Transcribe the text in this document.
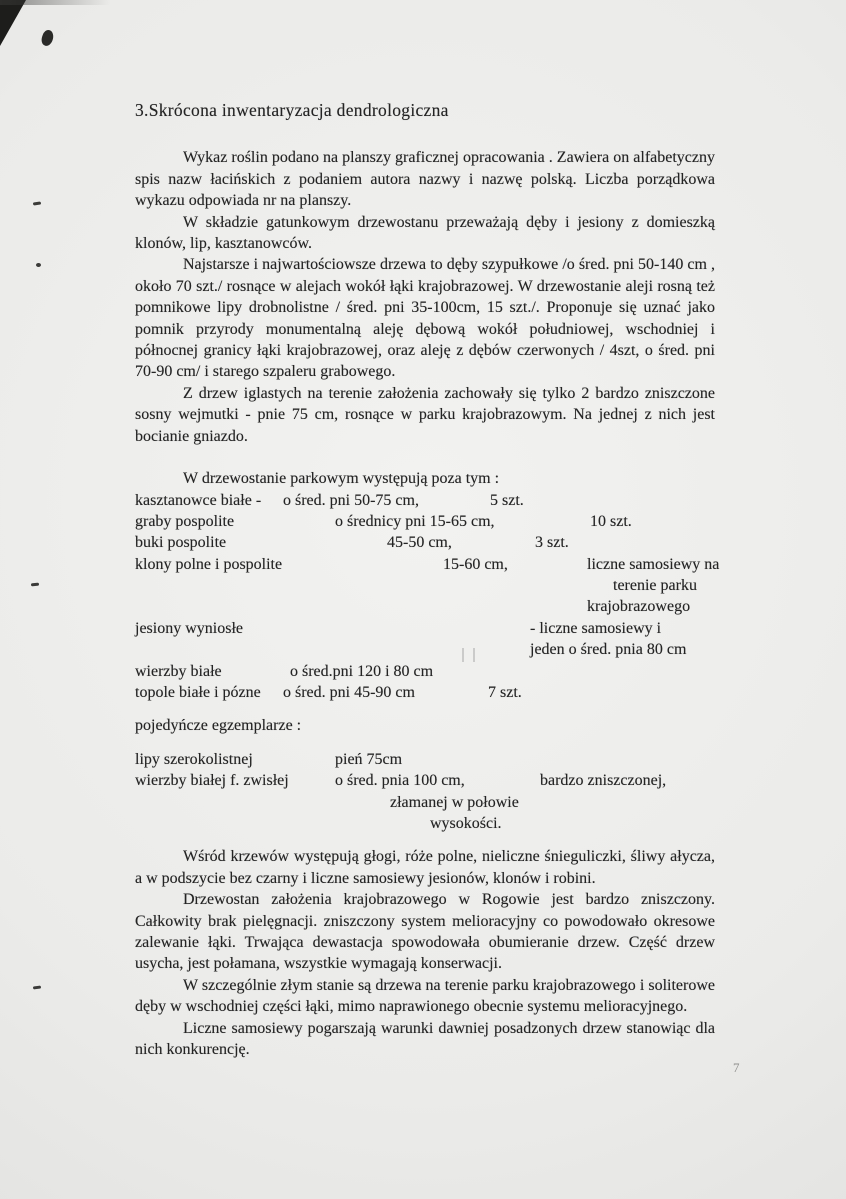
3.Skrócona inwentaryzacja dendrologiczna

Wykaz roślin podano na planszy graficznej opracowania . Zawiera on alfabetyczny spis nazw łacińskich z podaniem autora nazwy i nazwę polską. Liczba porządkowa wykazu odpowiada nr na planszy.

W składzie gatunkowym drzewostanu przeważają dęby i jesiony z domieszką klonów, lip, kasztanowców.

Najstarsze i najwartościowsze drzewa to dęby szypułkowe /o śred. pni 50-140 cm , około 70 szt./ rosnące w alejach wokół łąki krajobrazowej. W drzewostanie aleji rosną też pomnikowe lipy drobnolistne / śred. pni 35-100cm, 15 szt./. Proponuje się uznać jako pomnik przyrody monumentalną aleję dębową wokół południowej, wschodniej i północnej granicy łąki krajobrazowej, oraz aleję z dębów czerwonych / 4szt, o śred. pni 70-90 cm/ i starego szpaleru grabowego.

Z drzew iglastych na terenie założenia zachowały się tylko 2 bardzo zniszczone sosny wejmutki - pnie 75 cm, rosnące w parku krajobrazowym. Na jednej z nich jest bocianie gniazdo.

W drzewostanie parkowym występują poza tym :

kasztanowce białe - o śred. pni 50-75 cm,	5 szt.
graby pospolite	o średnicy pni 15-65 cm,	10 szt.
buki pospolite	45-50 cm,	3 szt.
klony polne i pospolite	15-60 cm,	liczne samosiewy na
terenie parku
krajobrazowego
jesiony wyniosłe	- liczne samosiewy i
jeden o śred. pnia 80 cm
wierzby białe	o śred.pni 120 i 80 cm
topole białe i pózne o śred. pni 45-90 cm	7 szt.

pojedyńcze egzemplarze :

lipy szerokolistnej	pień 75cm
wierzby białej f. zwisłej	o śred. pnia 100 cm,	bardzo zniszczonej,
złamanej w połowie
wysokości.

Wśród krzewów występują głogi, róże polne, nieliczne śnieguliczki, śliwy ałycza, a w podszycie bez czarny i liczne samosiewy jesionów, klonów i robini.

Drzewostan założenia krajobrazowego w Rogowie jest bardzo zniszczony. Całkowity brak pielęgnacji. zniszczony system melioracyjny co powodowało okresowe zalewanie łąki. Trwająca dewastacja spowodowała obumieranie drzew. Część drzew usycha, jest połamana, wszystkie wymagają konserwacji.

W szczególnie złym stanie są drzewa na terenie parku krajobrazowego i soliterowe dęby w wschodniej części łąki, mimo naprawionego obecnie systemu melioracyjnego.

Liczne samosiewy pogarszają warunki dawniej posadzonych drzew stanowiąc dla nich konkurencję.

7
